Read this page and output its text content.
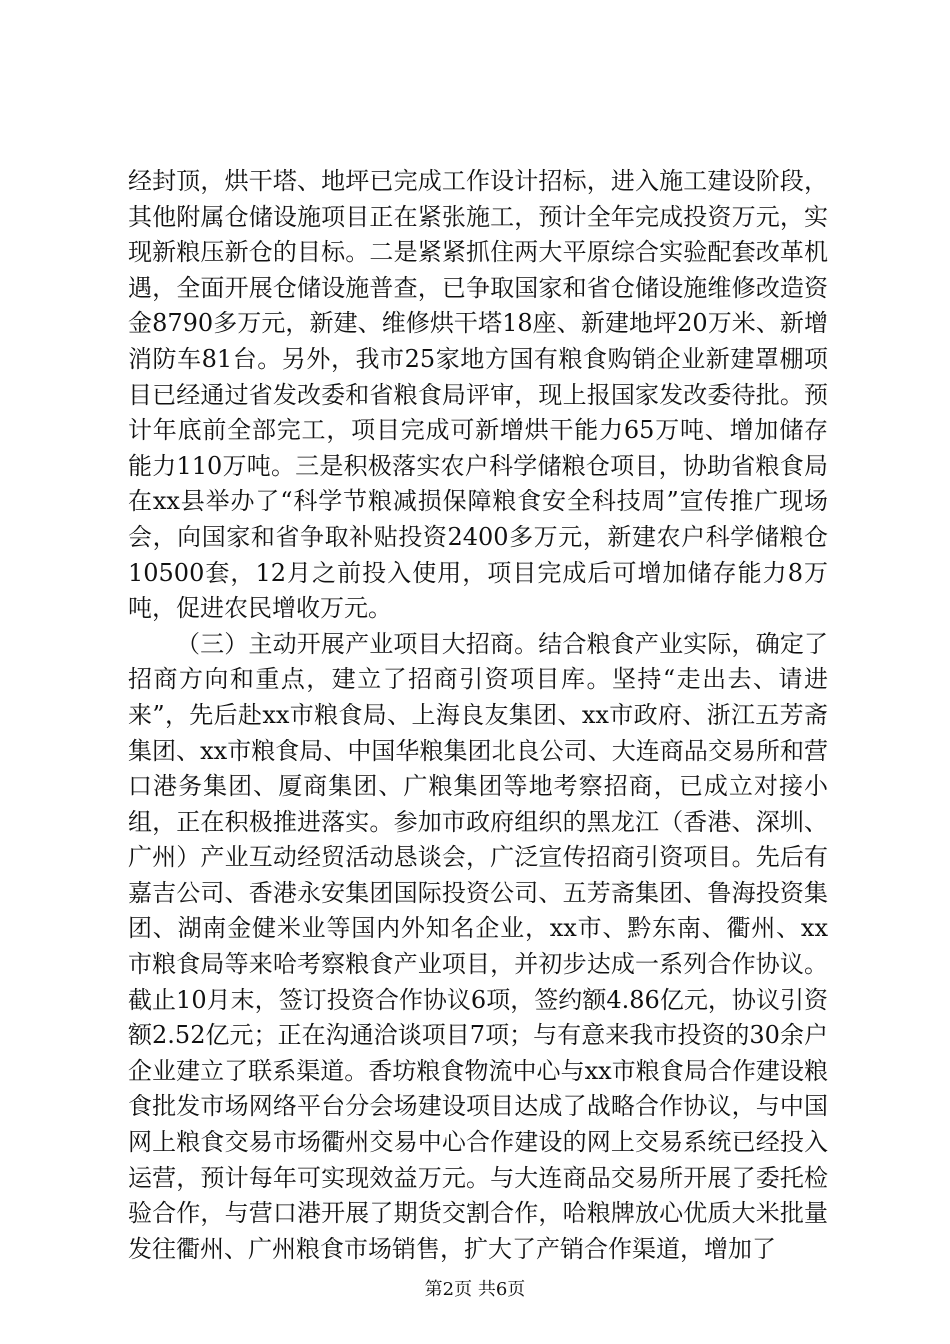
经封顶，烘干塔、地坪已完成工作设计招标，进入施工建设阶段，其他附属仓储设施项目正在紧张施工，预计全年完成投资万元，实现新粮压新仓的目标。二是紧紧抓住两大平原综合实验配套改革机遇，全面开展仓储设施普查，已争取国家和省仓储设施维修改造资金8790多万元，新建、维修烘干塔18座、新建地坪20万米、新增消防车81台。另外，我市25家地方国有粮食购销企业新建罩棚项目已经通过省发改委和省粮食局评审，现上报国家发改委待批。预计年底前全部完工，项目完成可新增烘干能力65万吨、增加储存能力110万吨。三是积极落实农户科学储粮仓项目，协助省粮食局在xx县举办了“科学节粮减损保障粮食安全科技周”宣传推广现场会，向国家和省争取补贴投资2400多万元，新建农户科学储粮仓10500套，12月之前投入使用，项目完成后可增加储存能力8万吨，促进农民增收万元。

（三）主动开展产业项目大招商。结合粮食产业实际，确定了招商方向和重点，建立了招商引资项目库。坚持“走出去、请进来”，先后赴xx市粮食局、上海良友集团、xx市政府、浙江五芳斋集团、xx市粮食局、中国华粮集团北良公司、大连商品交易所和营口港务集团、厦商集团、广粮集团等地考察招商，已成立对接小组，正在积极推进落实。参加市政府组织的黑龙江（香港、深圳、广州）产业互动经贸活动恳谈会，广泛宣传招商引资项目。先后有嘉吉公司、香港永安集团国际投资公司、五芳斋集团、鲁海投资集团、湖南金健米业等国内外知名企业，xx市、黔东南、衢州、xx市粮食局等来哈考察粮食产业项目，并初步达成一系列合作协议。截止10月末，签订投资合作协议6项，签约额4.86亿元，协议引资额2.52亿元；正在沟通洽谈项目7项；与有意来我市投资的30余户企业建立了联系渠道。香坊粮食物流中心与xx市粮食局合作建设粮食批发市场网络平台分会场建设项目达成了战略合作协议，与中国网上粮食交易市场衢州交易中心合作建设的网上交易系统已经投入运营，预计每年可实现效益万元。与大连商品交易所开展了委托检验合作，与营口港开展了期货交割合作，哈粮牌放心优质大米批量发往衢州、广州粮食市场销售，扩大了产销合作渠道，增加了

第2页 共6页
